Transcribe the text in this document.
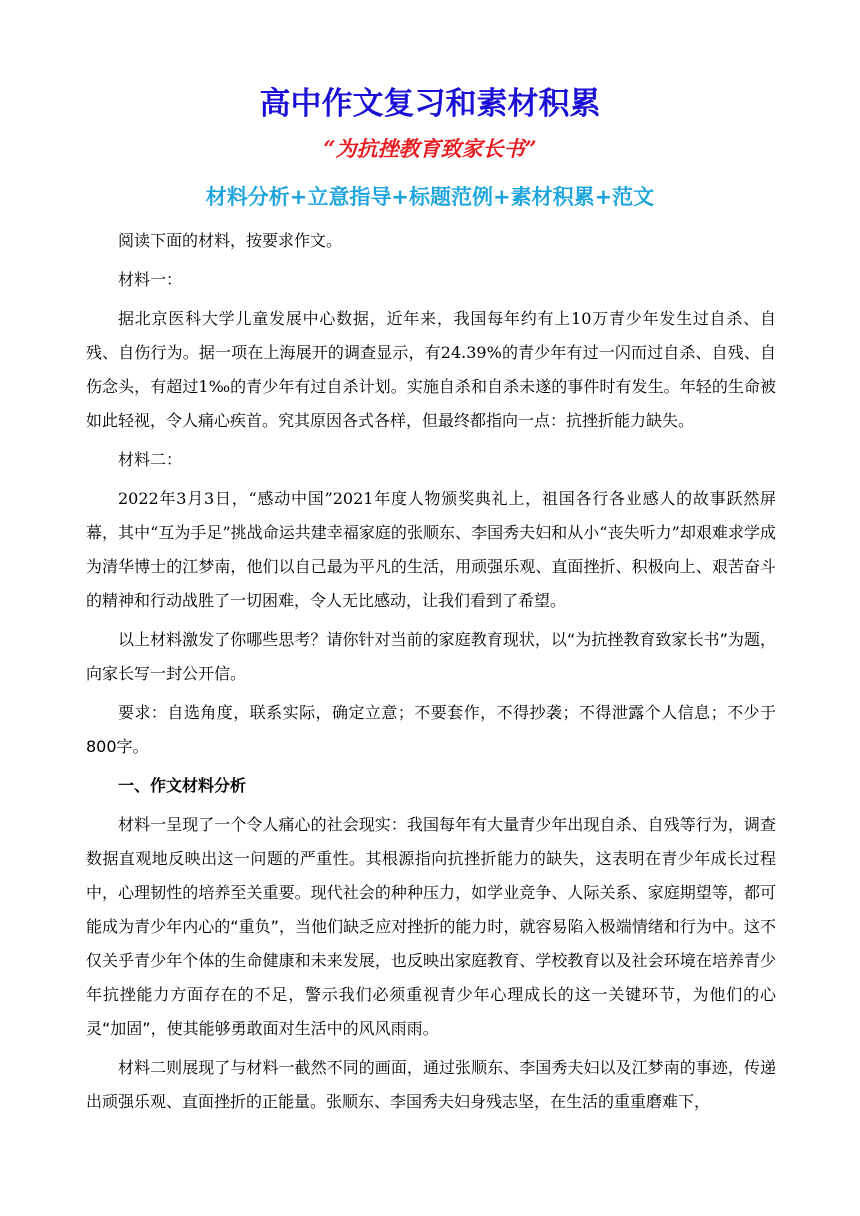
高中作文复习和素材积累
“为抗挫教育致家长书”
材料分析+立意指导+标题范例+素材积累+范文

阅读下面的材料，按要求作文。

材料一：

据北京医科大学儿童发展中心数据，近年来，我国每年约有上10万青少年发生过自杀、自残、自伤行为。据一项在上海展开的调查显示，有24.39%的青少年有过一闪而过自杀、自残、自伤念头，有超过1‰的青少年有过自杀计划。实施自杀和自杀未遂的事件时有发生。年轻的生命被如此轻视，令人痛心疾首。究其原因各式各样，但最终都指向一点：抗挫折能力缺失。

材料二：

2022年3月3日，“感动中国”2021年度人物颁奖典礼上，祖国各行各业感人的故事跃然屏幕，其中“互为手足”挑战命运共建幸福家庭的张顺东、李国秀夫妇和从小“丧失听力”却艰难求学成为清华博士的江梦南，他们以自己最为平凡的生活，用顽强乐观、直面挫折、积极向上、艰苦奋斗的精神和行动战胜了一切困难，令人无比感动，让我们看到了希望。

以上材料激发了你哪些思考？请你针对当前的家庭教育现状，以“为抗挫教育致家长书”为题，向家长写一封公开信。

要求：自选角度，联系实际，确定立意；不要套作，不得抄袭；不得泄露个人信息；不少于800字。

一、作文材料分析

材料一呈现了一个令人痛心的社会现实：我国每年有大量青少年出现自杀、自残等行为，调查数据直观地反映出这一问题的严重性。其根源指向抗挫折能力的缺失，这表明在青少年成长过程中，心理韧性的培养至关重要。现代社会的种种压力，如学业竞争、人际关系、家庭期望等，都可能成为青少年内心的“重负”，当他们缺乏应对挫折的能力时，就容易陷入极端情绪和行为中。这不仅关乎青少年个体的生命健康和未来发展，也反映出家庭教育、学校教育以及社会环境在培养青少年抗挫能力方面存在的不足，警示我们必须重视青少年心理成长的这一关键环节，为他们的心灵“加固”，使其能够勇敢面对生活中的风风雨雨。

材料二则展现了与材料一截然不同的画面，通过张顺东、李国秀夫妇以及江梦南的事迹，传递出顽强乐观、直面挫折的正能量。张顺东、李国秀夫妇身残志坚，在生活的重重磨难下，
